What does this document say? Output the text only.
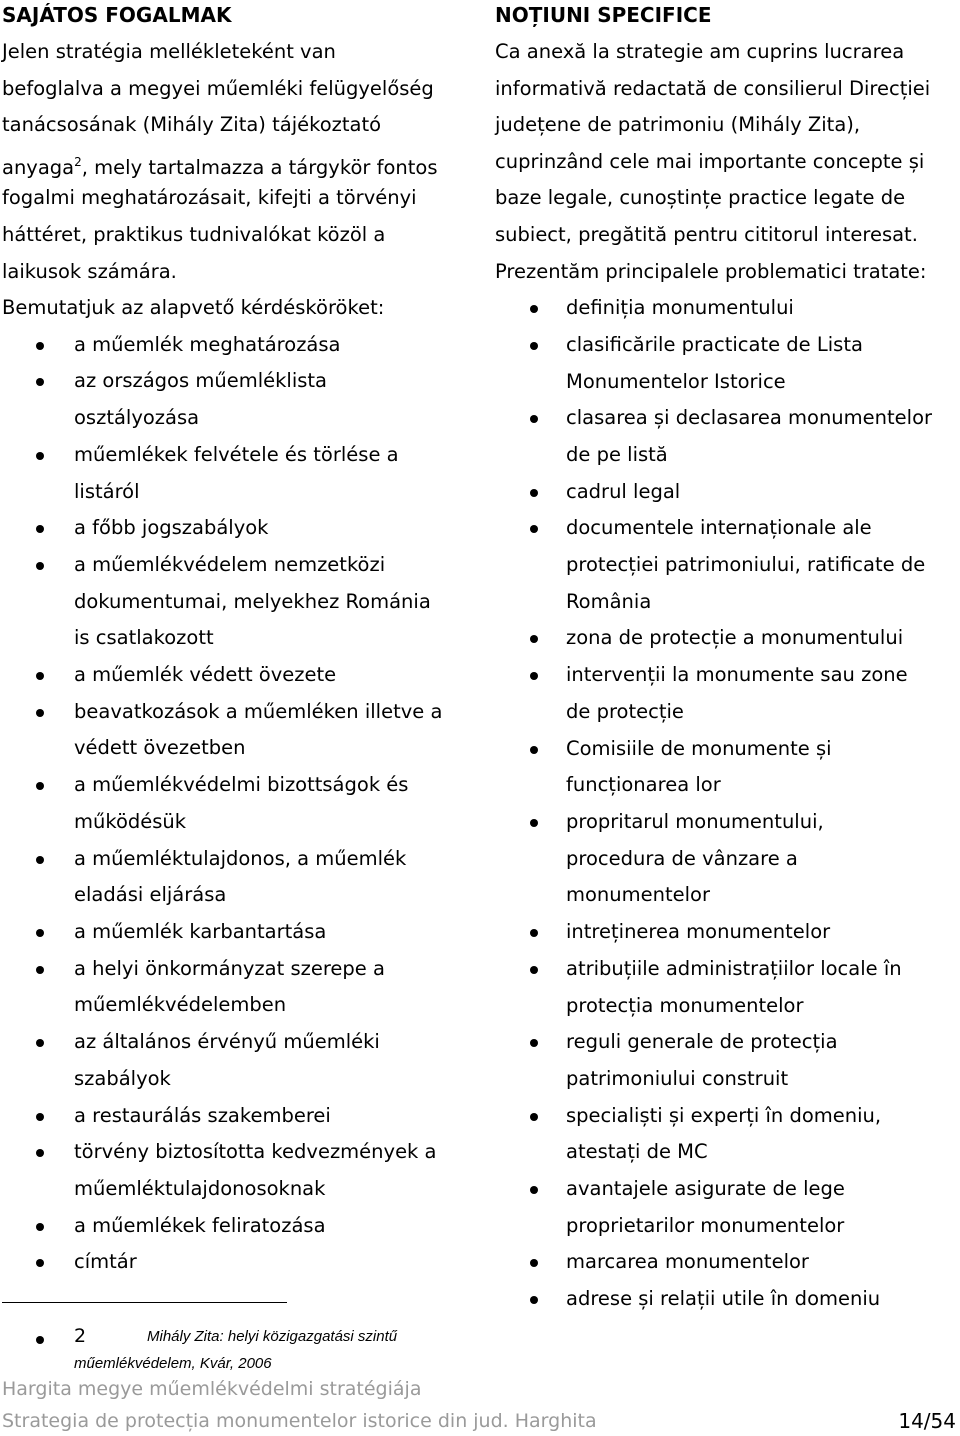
SAJÁTOS FOGALMAK
Jelen stratégia mellékleteként van
befoglalva a megyei műemléki felügyelőség
tanácsosának (Mihály Zita) tájékoztató
anyaga$^2$, mely tartalmazza a tárgykör fontos
fogalmi meghatározásait, kifejti a törvényi
háttéret, praktikus tudnivalókat közöl a
laikusok számára.
Bemutatjuk az alapvető kérdésköröket:
a műemlék meghatározása
az országos műemléklista
osztályozása
műemlékek felvétele és törlése a
listáról
a főbb jogszabályok
a műemlékvédelem nemzetközi
dokumentumai, melyekhez Románia
is csatlakozott
a műemlék védett övezete
beavatkozások a műemléken illetve a
védett övezetben
a műemlékvédelmi bizottságok és
működésük
a műemléktulajdonos, a műemlék
eladási eljárása
a műemlék karbantartása
a helyi önkormányzat szerepe a
műemlékvédelemben
az általános érvényű műemléki
szabályok
a restaurálás szakemberei
törvény biztosította kedvezmények a
műemléktulajdonosoknak
a műemlékek feliratozása
címtár
NOȚIUNI SPECIFICE
Ca anexă la strategie am cuprins lucrarea
informativă redactată de consilierul Direcției
județene de patrimoniu (Mihály Zita),
cuprinzând cele mai importante concepte și
baze legale, cunoștințe practice legate de
subiect, pregătită pentru cititorul interesat.
Prezentăm principalele problematici tratate:
definiția monumentului
clasificările practicate de Lista
Monumentelor Istorice
clasarea și declasarea monumentelor
de pe listă
cadrul legal
documentele internaționale ale
protecției patrimoniului, ratificate de
România
zona de protecție a monumentului
intervenții la monumente sau zone
de protecție
Comisiile de monumente și
funcționarea lor
propritarul monumentului,
procedura de vânzare a
monumentelor
intreținerea monumentelor
atribuțiile administrațiilor locale în
protecția monumentelor
reguli generale de protecția
patrimoniului construit
specialiști și experți în domeniu,
atestați de MC
avantajele asigurate de lege
proprietarilor monumentelor
marcarea monumentelor
adrese și relații utile în domeniu
2	Mihály Zita: helyi közigazgatási szintű
műemlékvédelem, Kvár, 2006
Hargita megye műemlékvédelmi stratégiája
Strategia de protecția monumentelor istorice din jud. Harghita	14/54
